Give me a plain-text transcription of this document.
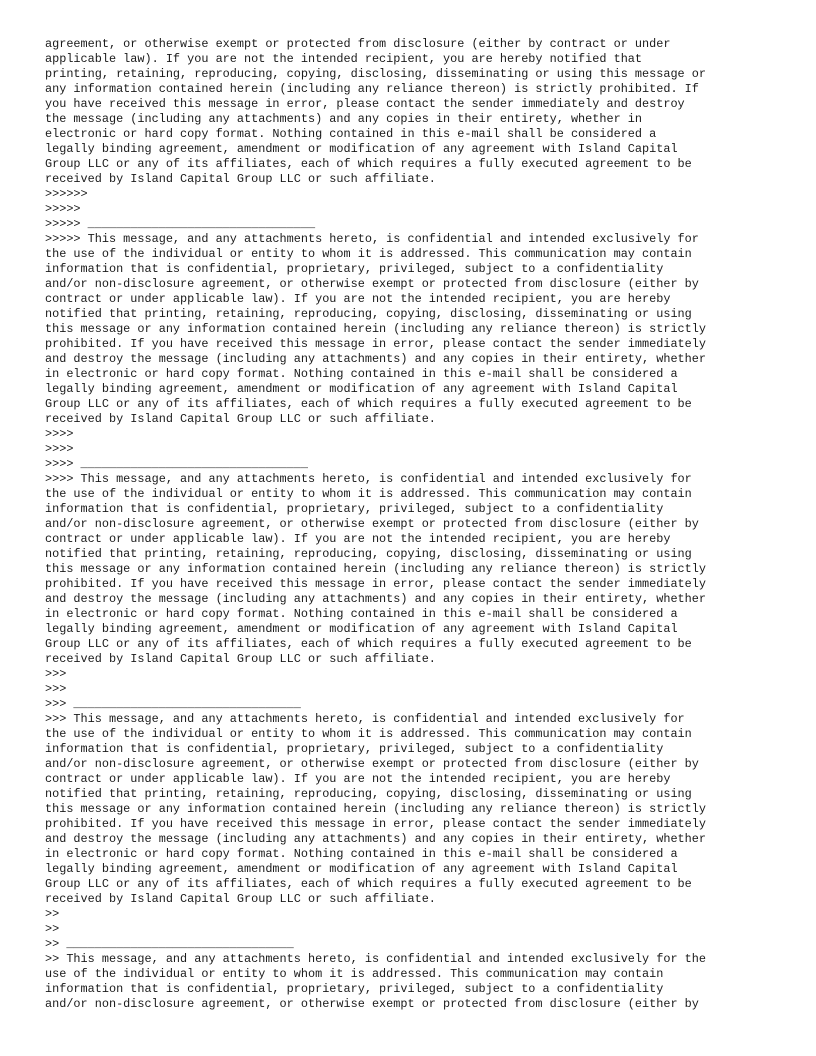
agreement, or otherwise exempt or protected from disclosure (either by contract or under
applicable law). If you are not the intended recipient, you are hereby notified that
printing, retaining, reproducing, copying, disclosing, disseminating or using this message or
any information contained herein (including any reliance thereon) is strictly prohibited. If
you have received this message in error, please contact the sender immediately and destroy
the message (including any attachments) and any copies in their entirety, whether in
electronic or hard copy format. Nothing contained in this e-mail shall be considered a
legally binding agreement, amendment or modification of any agreement with Island Capital
Group LLC or any of its affiliates, each of which requires a fully executed agreement to be
received by Island Capital Group LLC or such affiliate.
>>>>>>
>>>>>
>>>>> ________________________________
>>>>> This message, and any attachments hereto, is confidential and intended exclusively for
the use of the individual or entity to whom it is addressed. This communication may contain
information that is confidential, proprietary, privileged, subject to a confidentiality
and/or non-disclosure agreement, or otherwise exempt or protected from disclosure (either by
contract or under applicable law). If you are not the intended recipient, you are hereby
notified that printing, retaining, reproducing, copying, disclosing, disseminating or using
this message or any information contained herein (including any reliance thereon) is strictly
prohibited. If you have received this message in error, please contact the sender immediately
and destroy the message (including any attachments) and any copies in their entirety, whether
in electronic or hard copy format. Nothing contained in this e-mail shall be considered a
legally binding agreement, amendment or modification of any agreement with Island Capital
Group LLC or any of its affiliates, each of which requires a fully executed agreement to be
received by Island Capital Group LLC or such affiliate.
>>>>
>>>>
>>>> ________________________________
>>>> This message, and any attachments hereto, is confidential and intended exclusively for
the use of the individual or entity to whom it is addressed. This communication may contain
information that is confidential, proprietary, privileged, subject to a confidentiality
and/or non-disclosure agreement, or otherwise exempt or protected from disclosure (either by
contract or under applicable law). If you are not the intended recipient, you are hereby
notified that printing, retaining, reproducing, copying, disclosing, disseminating or using
this message or any information contained herein (including any reliance thereon) is strictly
prohibited. If you have received this message in error, please contact the sender immediately
and destroy the message (including any attachments) and any copies in their entirety, whether
in electronic or hard copy format. Nothing contained in this e-mail shall be considered a
legally binding agreement, amendment or modification of any agreement with Island Capital
Group LLC or any of its affiliates, each of which requires a fully executed agreement to be
received by Island Capital Group LLC or such affiliate.
>>>
>>>
>>> ________________________________
>>> This message, and any attachments hereto, is confidential and intended exclusively for
the use of the individual or entity to whom it is addressed. This communication may contain
information that is confidential, proprietary, privileged, subject to a confidentiality
and/or non-disclosure agreement, or otherwise exempt or protected from disclosure (either by
contract or under applicable law). If you are not the intended recipient, you are hereby
notified that printing, retaining, reproducing, copying, disclosing, disseminating or using
this message or any information contained herein (including any reliance thereon) is strictly
prohibited. If you have received this message in error, please contact the sender immediately
and destroy the message (including any attachments) and any copies in their entirety, whether
in electronic or hard copy format. Nothing contained in this e-mail shall be considered a
legally binding agreement, amendment or modification of any agreement with Island Capital
Group LLC or any of its affiliates, each of which requires a fully executed agreement to be
received by Island Capital Group LLC or such affiliate.
>>
>>
>> ________________________________
>> This message, and any attachments hereto, is confidential and intended exclusively for the
use of the individual or entity to whom it is addressed. This communication may contain
information that is confidential, proprietary, privileged, subject to a confidentiality
and/or non-disclosure agreement, or otherwise exempt or protected from disclosure (either by
